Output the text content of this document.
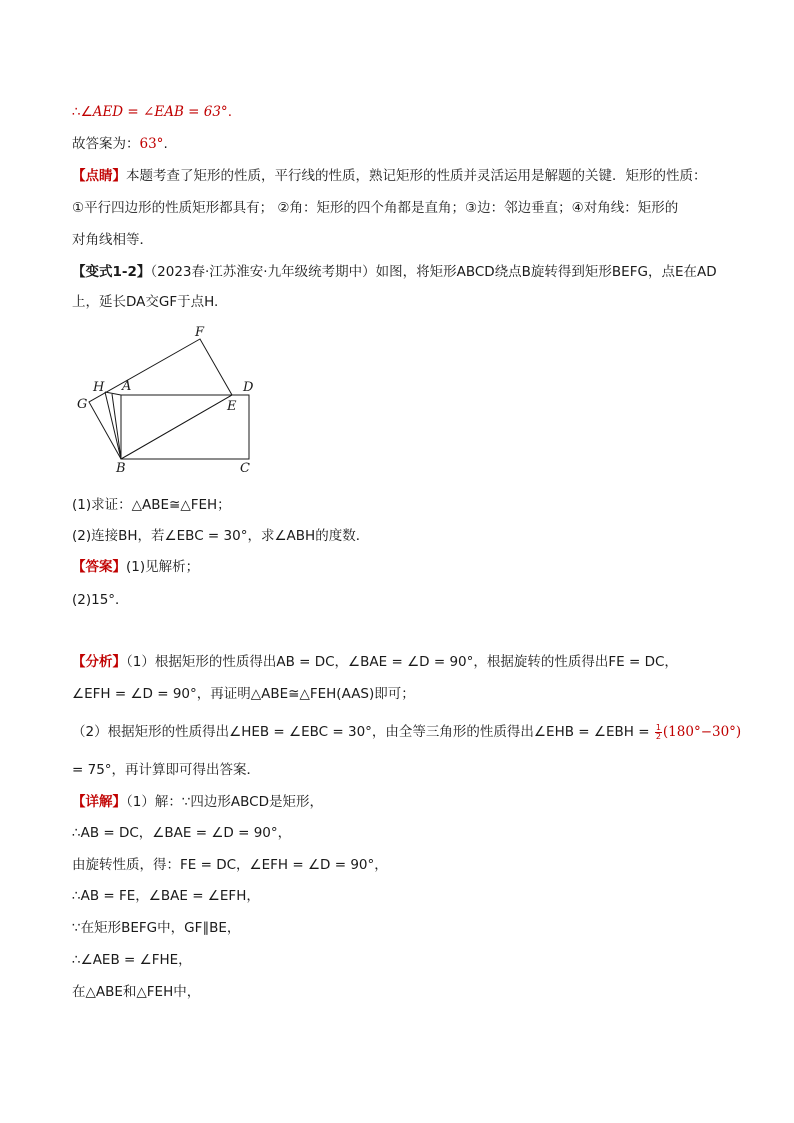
∴∠AED = ∠EAB = 63°.
故答案为：63°.
【点睛】本题考查了矩形的性质，平行线的性质，熟记矩形的性质并灵活运用是解题的关键．矩形的性质：
①平行四边形的性质矩形都具有； ②角：矩形的四个角都是直角；③边：邻边垂直；④对角线：矩形的
对角线相等．
【变式1-2】（2023春·江苏淮安·九年级统考期中）如图，将矩形ABCD绕点B旋转得到矩形BEFG，点E在AD
上，延长DA交GF于点H.
F
H A	D
G	E
B	C
(1)求证：△ABE≅△FEH；
(2)连接BH，若∠EBC = 30°，求∠ABH的度数．
【答案】(1)见解析；
(2)15°．
【分析】（1）根据矩形的性质得出AB = DC，∠BAE = ∠D = 90°，根据旋转的性质得出FE = DC，
∠EFH = ∠D = 90°，再证明△ABE≅△FEH(AAS)即可；
（2）根据矩形的性质得出∠HEB = ∠EBC = 30°，由全等三角形的性质得出∠EHB = ∠EBH = $\frac{1}{2} (180^\circ-30^\circ)$
= 75°，再计算即可得出答案．
【详解】（1）解：∵四边形ABCD是矩形，
∴AB = DC，∠BAE = ∠D = 90°，
由旋转性质，得：FE = DC，∠EFH = ∠D = 90°，
∴AB = FE，∠BAE = ∠EFH，
∵在矩形BEFG中，GF∥BE，
∴∠AEB = ∠FHE，
在△ABE和△FEH中，
